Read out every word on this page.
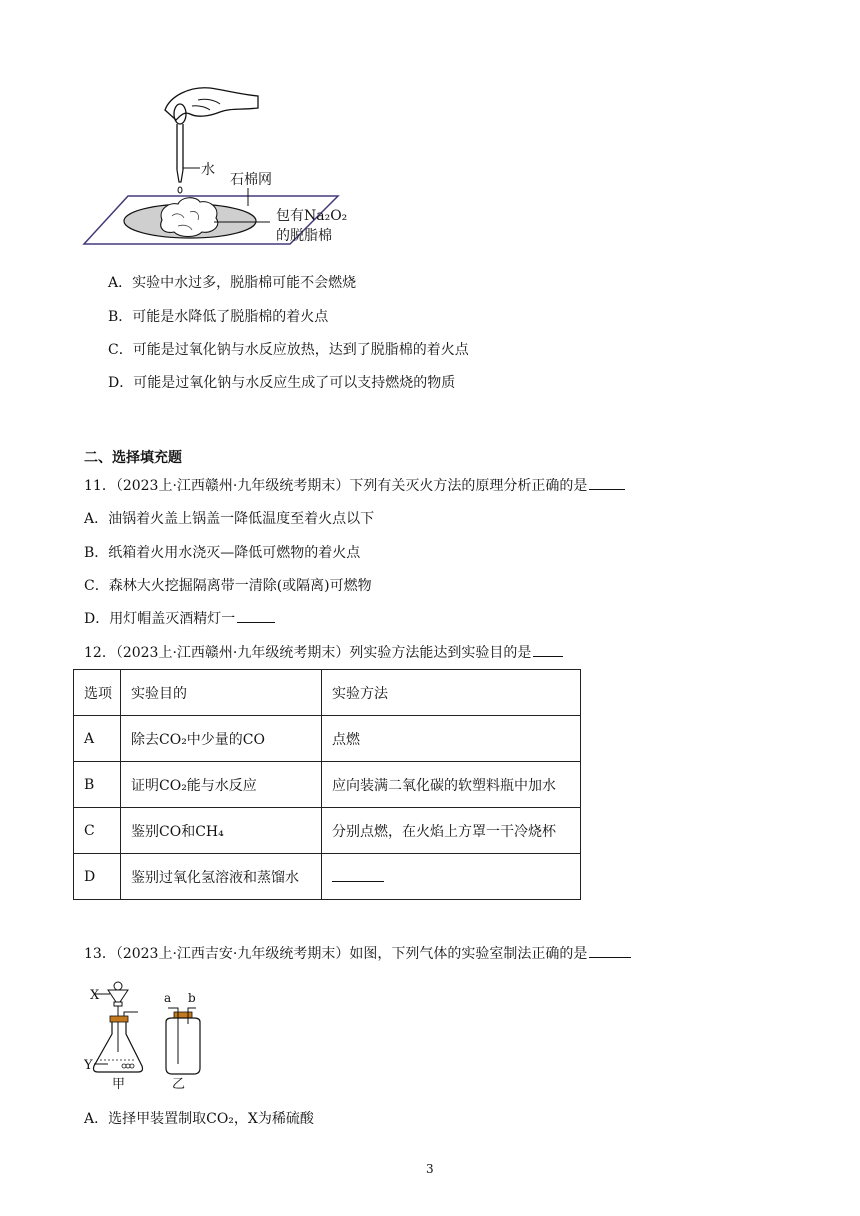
水
石棉网
包有Na₂O₂
的脱脂棉
A．实验中水过多，脱脂棉可能不会燃烧
B．可能是水降低了脱脂棉的着火点
C．可能是过氧化钠与水反应放热，达到了脱脂棉的着火点
D．可能是过氧化钠与水反应生成了可以支持燃烧的物质
二、选择填充题
11．（2023上·江西赣州·九年级统考期末）下列有关灭火方法的原理分析正确的是
A．油锅着火盖上锅盖一降低温度至着火点以下
B．纸箱着火用水浇灭—降低可燃物的着火点
C．森林大火挖掘隔离带一清除(或隔离)可燃物
D．用灯帽盖灭酒精灯一
12．（2023上·江西赣州·九年级统考期末）列实验方法能达到实验目的是
选项	实验目的	实验方法
A	除去CO₂中少量的CO	点燃
B	证明CO₂能与水反应	应向装满二氧化碳的软塑料瓶中加水
C	鉴别CO和CH₄	分别点燃，在火焰上方罩一干冷烧杯
D	鉴别过氧化氢溶液和蒸馏水	
13．（2023上·江西吉安·九年级统考期末）如图，下列气体的实验室制法正确的是
X
Y
甲
a b
乙
A．选择甲装置制取CO₂，X为稀硫酸
3
